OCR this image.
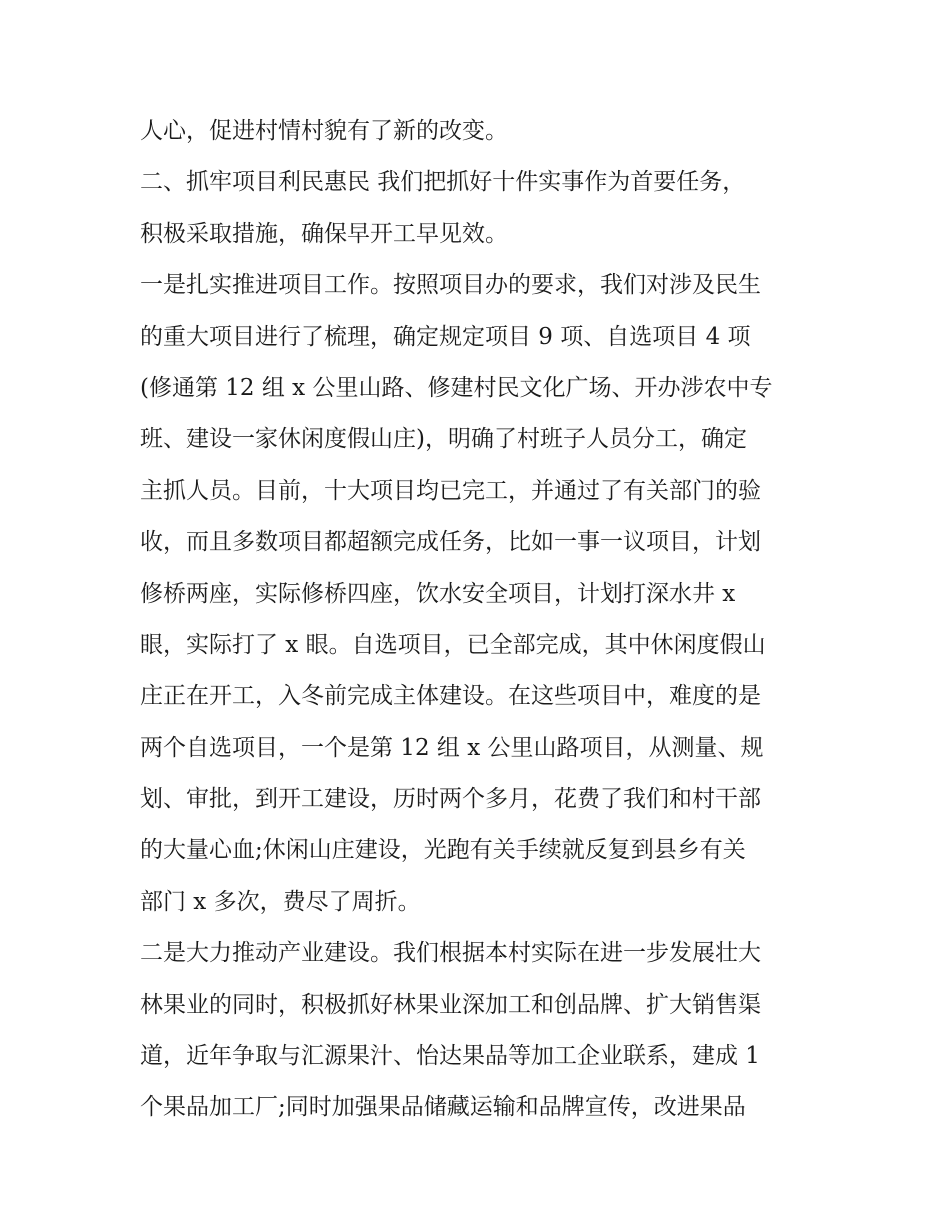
人心，促进村情村貌有了新的改变。
二、抓牢项目利民惠民 我们把抓好十件实事作为首要任务，
积极采取措施，确保早开工早见效。
一是扎实推进项目工作。按照项目办的要求，我们对涉及民生
的重大项目进行了梳理，确定规定项目 9 项、自选项目 4 项
(修通第 12 组 x 公里山路、修建村民文化广场、开办涉农中专
班、建设一家休闲度假山庄)，明确了村班子人员分工，确定
主抓人员。目前，十大项目均已完工，并通过了有关部门的验
收，而且多数项目都超额完成任务，比如一事一议项目，计划
修桥两座，实际修桥四座，饮水安全项目，计划打深水井 x
眼，实际打了 x 眼。自选项目，已全部完成，其中休闲度假山
庄正在开工，入冬前完成主体建设。在这些项目中，难度的是
两个自选项目，一个是第 12 组 x 公里山路项目，从测量、规
划、审批，到开工建设，历时两个多月，花费了我们和村干部
的大量心血;休闲山庄建设，光跑有关手续就反复到县乡有关
部门 x 多次，费尽了周折。
二是大力推动产业建设。我们根据本村实际在进一步发展壮大
林果业的同时，积极抓好林果业深加工和创品牌、扩大销售渠
道，近年争取与汇源果汁、怡达果品等加工企业联系，建成 1
个果品加工厂;同时加强果品储藏运输和品牌宣传，改进果品
